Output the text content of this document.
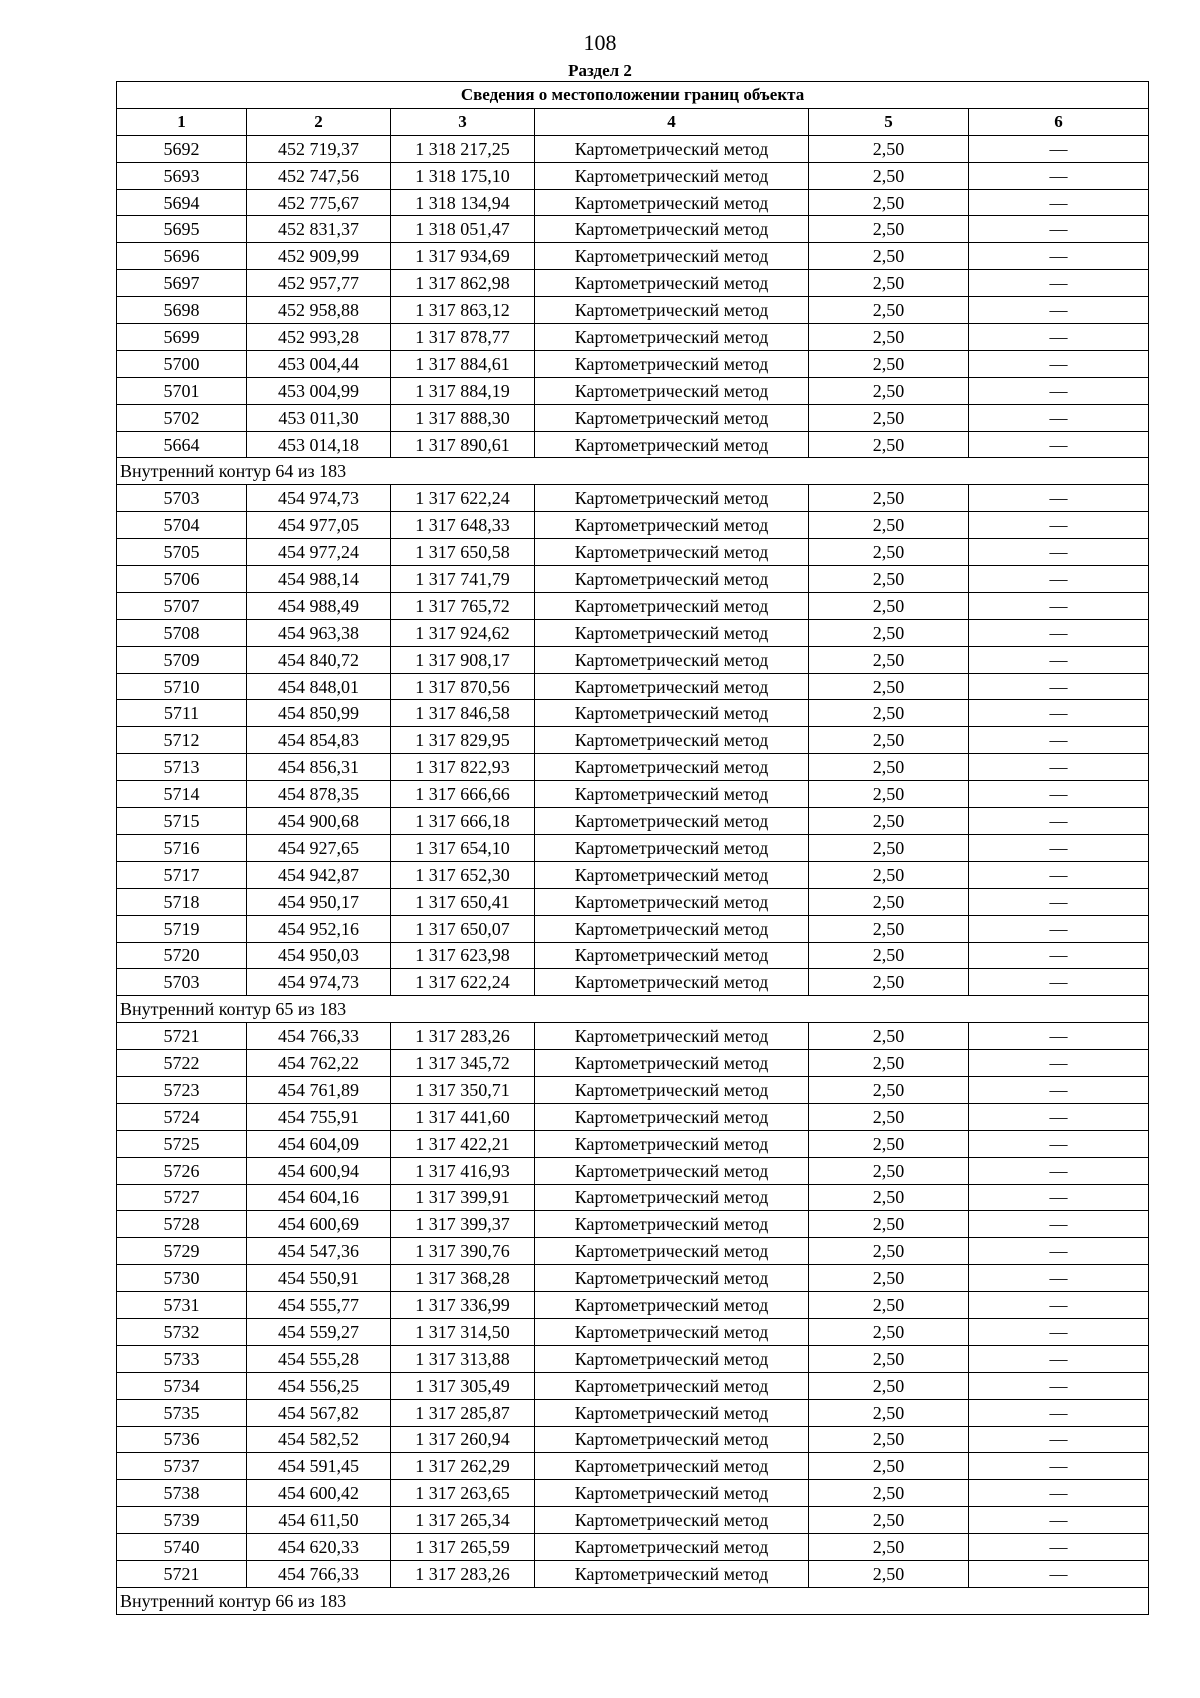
108
Раздел 2
Сведения о местоположении границ объекта					
1	2	3	4	5	6
5692	452 719,37	1 318 217,25	Картометрический метод	2,50	—
5693	452 747,56	1 318 175,10	Картометрический метод	2,50	—
5694	452 775,67	1 318 134,94	Картометрический метод	2,50	—
5695	452 831,37	1 318 051,47	Картометрический метод	2,50	—
5696	452 909,99	1 317 934,69	Картометрический метод	2,50	—
5697	452 957,77	1 317 862,98	Картометрический метод	2,50	—
5698	452 958,88	1 317 863,12	Картометрический метод	2,50	—
5699	452 993,28	1 317 878,77	Картометрический метод	2,50	—
5700	453 004,44	1 317 884,61	Картометрический метод	2,50	—
5701	453 004,99	1 317 884,19	Картометрический метод	2,50	—
5702	453 011,30	1 317 888,30	Картометрический метод	2,50	—
5664	453 014,18	1 317 890,61	Картометрический метод	2,50	—
Внутренний контур 64 из 183					
5703	454 974,73	1 317 622,24	Картометрический метод	2,50	—
5704	454 977,05	1 317 648,33	Картометрический метод	2,50	—
5705	454 977,24	1 317 650,58	Картометрический метод	2,50	—
5706	454 988,14	1 317 741,79	Картометрический метод	2,50	—
5707	454 988,49	1 317 765,72	Картометрический метод	2,50	—
5708	454 963,38	1 317 924,62	Картометрический метод	2,50	—
5709	454 840,72	1 317 908,17	Картометрический метод	2,50	—
5710	454 848,01	1 317 870,56	Картометрический метод	2,50	—
5711	454 850,99	1 317 846,58	Картометрический метод	2,50	—
5712	454 854,83	1 317 829,95	Картометрический метод	2,50	—
5713	454 856,31	1 317 822,93	Картометрический метод	2,50	—
5714	454 878,35	1 317 666,66	Картометрический метод	2,50	—
5715	454 900,68	1 317 666,18	Картометрический метод	2,50	—
5716	454 927,65	1 317 654,10	Картометрический метод	2,50	—
5717	454 942,87	1 317 652,30	Картометрический метод	2,50	—
5718	454 950,17	1 317 650,41	Картометрический метод	2,50	—
5719	454 952,16	1 317 650,07	Картометрический метод	2,50	—
5720	454 950,03	1 317 623,98	Картометрический метод	2,50	—
5703	454 974,73	1 317 622,24	Картометрический метод	2,50	—
Внутренний контур 65 из 183					
5721	454 766,33	1 317 283,26	Картометрический метод	2,50	—
5722	454 762,22	1 317 345,72	Картометрический метод	2,50	—
5723	454 761,89	1 317 350,71	Картометрический метод	2,50	—
5724	454 755,91	1 317 441,60	Картометрический метод	2,50	—
5725	454 604,09	1 317 422,21	Картометрический метод	2,50	—
5726	454 600,94	1 317 416,93	Картометрический метод	2,50	—
5727	454 604,16	1 317 399,91	Картометрический метод	2,50	—
5728	454 600,69	1 317 399,37	Картометрический метод	2,50	—
5729	454 547,36	1 317 390,76	Картометрический метод	2,50	—
5730	454 550,91	1 317 368,28	Картометрический метод	2,50	—
5731	454 555,77	1 317 336,99	Картометрический метод	2,50	—
5732	454 559,27	1 317 314,50	Картометрический метод	2,50	—
5733	454 555,28	1 317 313,88	Картометрический метод	2,50	—
5734	454 556,25	1 317 305,49	Картометрический метод	2,50	—
5735	454 567,82	1 317 285,87	Картометрический метод	2,50	—
5736	454 582,52	1 317 260,94	Картометрический метод	2,50	—
5737	454 591,45	1 317 262,29	Картометрический метод	2,50	—
5738	454 600,42	1 317 263,65	Картометрический метод	2,50	—
5739	454 611,50	1 317 265,34	Картометрический метод	2,50	—
5740	454 620,33	1 317 265,59	Картометрический метод	2,50	—
5721	454 766,33	1 317 283,26	Картометрический метод	2,50	—
Внутренний контур 66 из 183					
